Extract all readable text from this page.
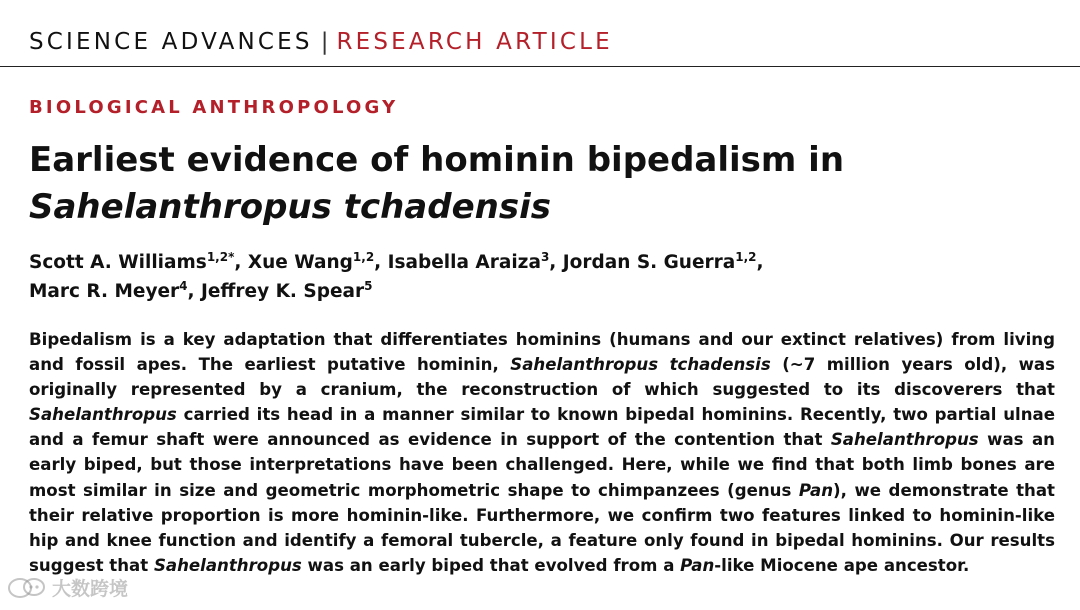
SCIENCE ADVANCES | RESEARCH ARTICLE
BIOLOGICAL ANTHROPOLOGY
Earliest evidence of hominin bipedalism in
Sahelanthropus tchadensis
Scott A. Williams$^{1,2*}$, Xue Wang$^{1,2}$, Isabella Araiza$^3$, Jordan S. Guerra$^{1,2}$,
Marc R. Meyer$^4$, Jeffrey K. Spear$^5$

Bipedalism is a key adaptation that differentiates hominins (humans and our extinct relatives) from living and fossil apes. The earliest putative hominin, Sahelanthropus tchadensis (~7 million years old), was originally represented by a cranium, the reconstruction of which suggested to its discoverers that Sahelanthropus carried its head in a manner similar to known bipedal hominins. Recently, two partial ulnae and a femur shaft were announced as evidence in support of the contention that Sahelanthropus was an early biped, but those interpretations have been challenged. Here, while we find that both limb bones are most similar in size and geometric morphometric shape to chimpanzees (genus Pan), we demonstrate that their relative proportion is more hominin-like. Furthermore, we confirm two features linked to hominin-like hip and knee function and identify a femoral tubercle, a feature only found in bipedal hominins. Our results suggest that Sahelanthropus was an early biped that evolved from a Pan-like Miocene ape ancestor.

大数跨境
